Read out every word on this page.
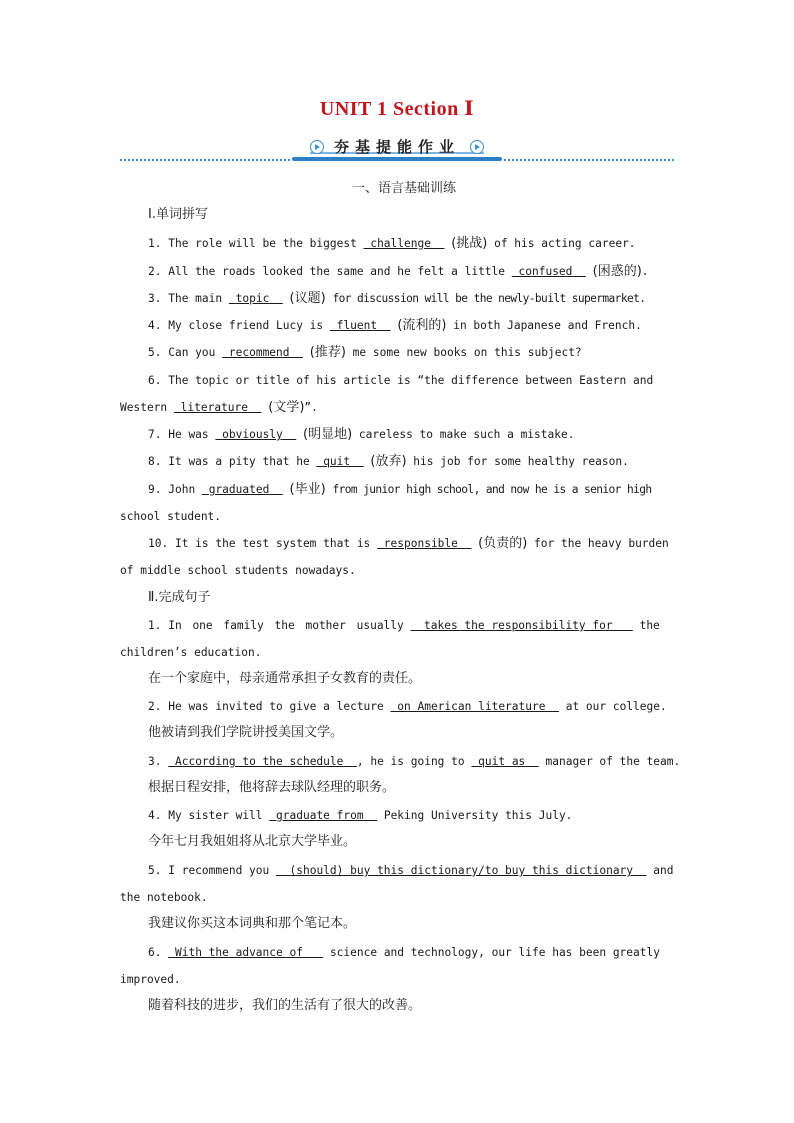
UNIT 1 Section Ⅰ
夯基提能作业
一、语言基础训练
Ⅰ.单词拼写
1. The role will be the biggest challenge (挑战) of his acting career.
2. All the roads looked the same and he felt a little confused (困惑的).
3. The main topic (议题) for discussion will be the newly-built supermarket.
4. My close friend Lucy is fluent (流利的) in both Japanese and French.
5. Can you recommend (推荐) me some new books on this subject?
6. The topic or title of his article is “the difference between Eastern and
Western literature (文学)”.
7. He was obviously (明显地) careless to make such a mistake.
8. It was a pity that he quit (放弃) his job for some healthy reason.
9. John graduated (毕业) from junior high school, and now he is a senior high
school student.
10. It is the test system that is responsible (负责的) for the heavy burden
of middle school students nowadays.
Ⅱ.完成句子
1. In one family the mother usually takes the responsibility for the
children’s education.
在一个家庭中，母亲通常承担子女教育的责任。
2. He was invited to give a lecture on American literature at our college.
他被请到我们学院讲授美国文学。
3. According to the schedule , he is going to quit as manager of the team.
根据日程安排，他将辞去球队经理的职务。
4. My sister will graduate from Peking University this July.
今年七月我姐姐将从北京大学毕业。
5. I recommend you (should) buy this dictionary/to buy this dictionary and
the notebook.
我建议你买这本词典和那个笔记本。
6. With the advance of science and technology, our life has been greatly
improved.
随着科技的进步，我们的生活有了很大的改善。
